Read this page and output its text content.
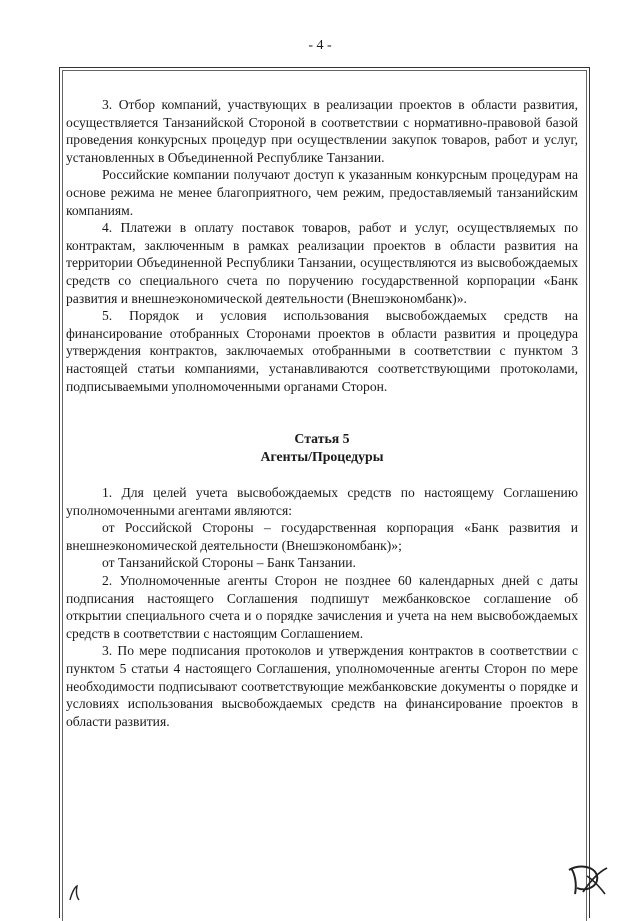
- 4 -

3. Отбор компаний, участвующих в реализации проектов в области развития, осуществляется Танзанийской Стороной в соответствии с нормативно-правовой базой проведения конкурсных процедур при осуществлении закупок товаров, работ и услуг, установленных в Объединенной Республике Танзании.

Российские компании получают доступ к указанным конкурсным процедурам на основе режима не менее благоприятного, чем режим, предоставляемый танзанийским компаниям.

4. Платежи в оплату поставок товаров, работ и услуг, осуществляемых по контрактам, заключенным в рамках реализации проектов в области развития на территории Объединенной Республики Танзании, осуществляются из высвобождаемых средств со специального счета по поручению государственной корпорации «Банк развития и внешнеэкономической деятельности (Внешэкономбанк)».

5. Порядок и условия использования высвобождаемых средств на финансирование отобранных Сторонами проектов в области развития и процедура утверждения контрактов, заключаемых отобранными в соответствии с пунктом 3 настоящей статьи компаниями, устанавливаются соответствующими протоколами, подписываемыми уполномоченными органами Сторон.

Статья 5
Агенты/Процедуры

1. Для целей учета высвобождаемых средств по настоящему Соглашению уполномоченными агентами являются:

от Российской Стороны – государственная корпорация «Банк развития и внешнеэкономической деятельности (Внешэкономбанк)»;

от Танзанийской Стороны – Банк Танзании.

2. Уполномоченные агенты Сторон не позднее 60 календарных дней с даты подписания настоящего Соглашения подпишут межбанковское соглашение об открытии специального счета и о порядке зачисления и учета на нем высвобождаемых средств в соответствии с настоящим Соглашением.

3. По мере подписания протоколов и утверждения контрактов в соответствии с пунктом 5 статьи 4 настоящего Соглашения, уполномоченные агенты Сторон по мере необходимости подписывают соответствующие межбанковские документы о порядке и условиях использования высвобождаемых средств на финансирование проектов в области развития.
